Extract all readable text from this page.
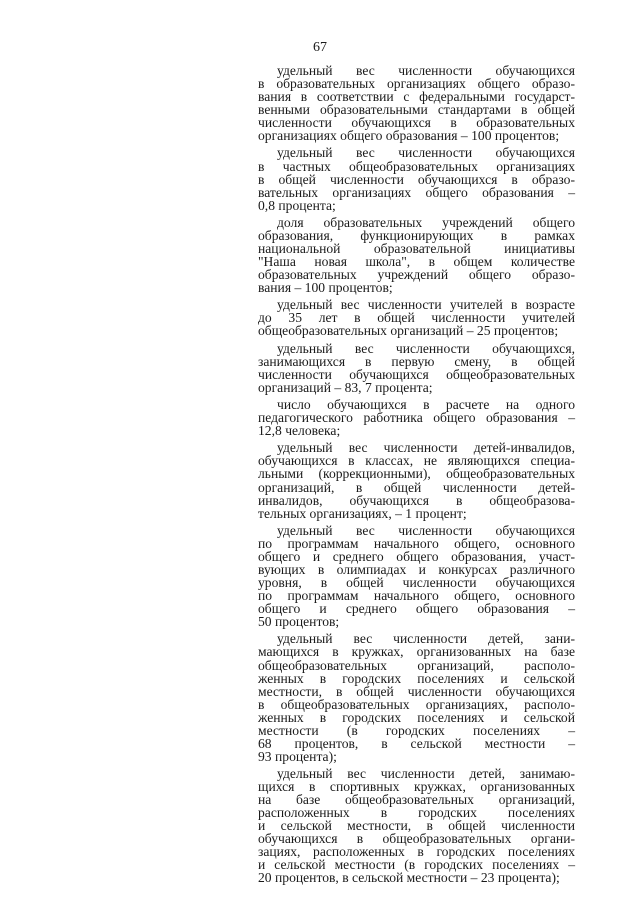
67
удельный вес численности обучающихся
в образовательных организациях общего образо-
вания в соответствии с федеральными государст-
венными образовательными стандартами в общей
численности обучающихся в образовательных
организациях общего образования – 100 процентов;
удельный вес численности обучающихся
в частных общеобразовательных организациях
в общей численности обучающихся в образо-
вательных организациях общего образования –
0,8 процента;
доля образовательных учреждений общего
образования, функционирующих в рамках
национальной образовательной инициативы
"Наша новая школа", в общем количестве
образовательных учреждений общего образо-
вания – 100 процентов;
удельный вес численности учителей в возрасте
до 35 лет в общей численности учителей
общеобразовательных организаций – 25 процентов;
удельный вес численности обучающихся,
занимающихся в первую смену, в общей
численности обучающихся общеобразовательных
организаций – 83, 7 процента;
число обучающихся в расчете на одного
педагогического работника общего образования –
12,8 человека;
удельный вес численности детей-инвалидов,
обучающихся в классах, не являющихся специа-
льными (коррекционными), общеобразовательных
организаций, в общей численности детей-
инвалидов, обучающихся в общеобразова-
тельных организациях, – 1 процент;
удельный вес численности обучающихся
по программам начального общего, основного
общего и среднего общего образования, участ-
вующих в олимпиадах и конкурсах различного
уровня, в общей численности обучающихся
по программам начального общего, основного
общего и среднего общего образования –
50 процентов;
удельный вес численности детей, зани-
мающихся в кружках, организованных на базе
общеобразовательных организаций, располо-
женных в городских поселениях и сельской
местности, в общей численности обучающихся
в общеобразовательных организациях, располо-
женных в городских поселениях и сельской
местности (в городских поселениях –
68 процентов, в сельской местности –
93 процента);
удельный вес численности детей, занимаю-
щихся в спортивных кружках, организованных
на базе общеобразовательных организаций,
расположенных в городских поселениях
и сельской местности, в общей численности
обучающихся в общеобразовательных органи-
зациях, расположенных в городских поселениях
и сельской местности (в городских поселениях –
20 процентов, в сельской местности – 23 процента);
